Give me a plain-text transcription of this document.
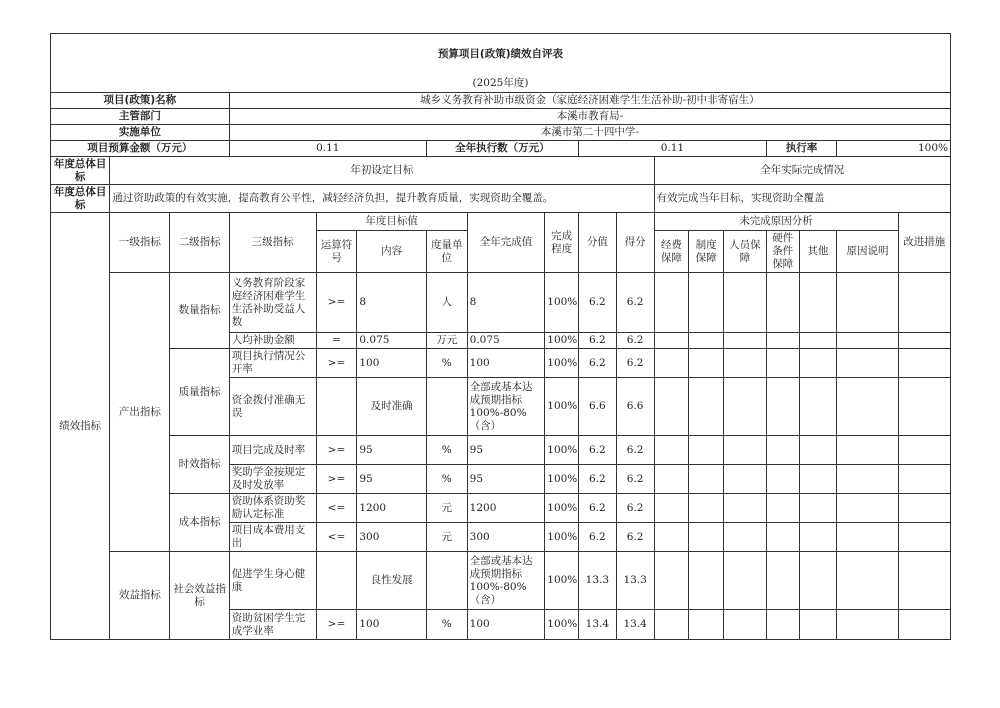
预算项目(政策)绩效自评表																	
(2025年度)																	
项目(政策)名称			城乡义务教育补助市级资金（家庭经济困难学生生活补助-初中非寄宿生）														
主管部门			本溪市教育局-														
实施单位			本溪市第二十四中学-														
项目预算金额（万元）			0.11			全年执行数（万元）			0.11					执行率		100%	
年度总体目标	年初设定目标										全年实际完成情况						
年度总体目标	通过资助政策的有效实施，提高教育公平性，减轻经济负担，提升教育质量，实现资助全覆盖。										有效完成当年目标，实现资助全覆盖						
绩效指标	一级指标	二级指标	三级指标	年度目标值			全年完成值	完成程度	分值	得分	未完成原因分析						改进措施
				运算符号	内容	度量单位					经费保障	制度保障	人员保障	硬件条件保障	其他	原因说明	
	产出指标	数量指标	义务教育阶段家庭经济困难学生生活补助受益人数	>=	8	人	8	100%	6.2	6.2							
			人均补助金额	=	0.075	万元	0.075	100%	6.2	6.2							
		质量指标	项目执行情况公开率	>=	100	%	100	100%	6.2	6.2							
			资金拨付准确无误		及时准确		全部或基本达成预期指标100%-80%（含）	100%	6.6	6.6							
		时效指标	项目完成及时率	>=	95	%	95	100%	6.2	6.2							
			奖助学金按规定及时发放率	>=	95	%	95	100%	6.2	6.2							
		成本指标	资助体系资助奖励认定标准	<=	1200	元	1200	100%	6.2	6.2							
			项目成本费用支出	<=	300	元	300	100%	6.2	6.2							
	效益指标	社会效益指标	促进学生身心健康		良性发展		全部或基本达成预期指标100%-80%（含）	100%	13.3	13.3							
			资助贫困学生完成学业率	>=	100	%	100	100%	13.4	13.4							
